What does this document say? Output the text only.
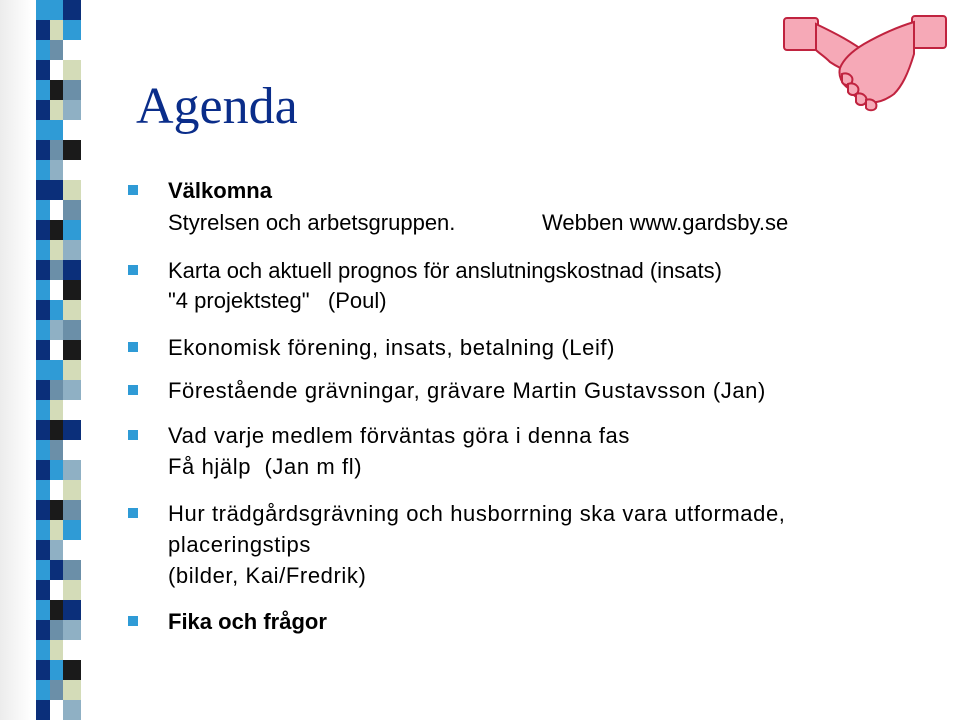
Agenda
Välkomna
Styrelsen och arbetsgruppen.	Webben www.gardsby.se
Karta och aktuell prognos för anslutningskostnad (insats)
"4 projektsteg"   (Poul)
Ekonomisk förening, insats, betalning (Leif)
Förestående grävningar, grävare Martin Gustavsson (Jan)
Vad varje medlem förväntas göra i denna fas
Få hjälp  (Jan m fl)
Hur trädgårdsgrävning och husborrning ska vara utformade,
placeringstips
(bilder, Kai/Fredrik)
Fika och frågor
